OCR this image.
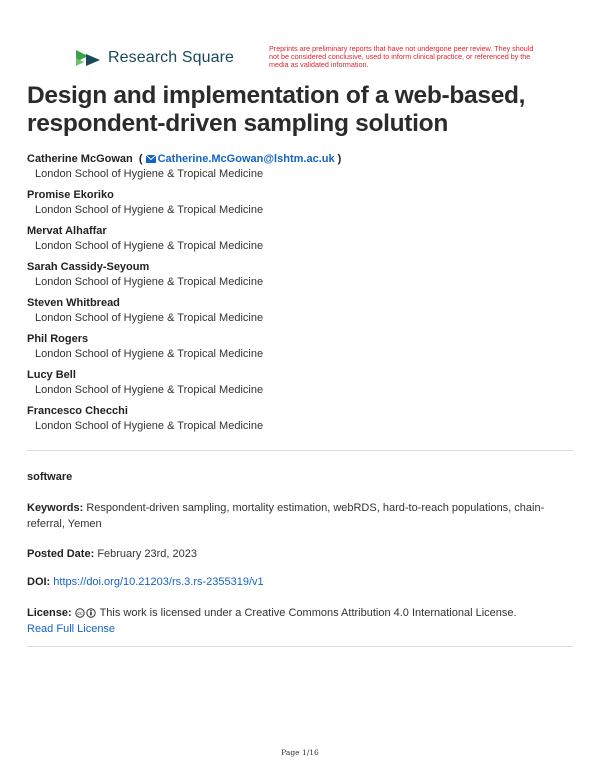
Research Square
Preprints are preliminary reports that have not undergone peer review. They should not be considered conclusive, used to inform clinical practice, or referenced by the media as validated information.
Design and implementation of a web-based, respondent-driven sampling solution
Catherine McGowan  ( Catherine.McGowan@lshtm.ac.uk )
London School of Hygiene & Tropical Medicine
Promise Ekoriko
London School of Hygiene & Tropical Medicine
Mervat Alhaffar
London School of Hygiene & Tropical Medicine
Sarah Cassidy-Seyoum
London School of Hygiene & Tropical Medicine
Steven Whitbread
London School of Hygiene & Tropical Medicine
Phil Rogers
London School of Hygiene & Tropical Medicine
Lucy Bell
London School of Hygiene & Tropical Medicine
Francesco Checchi
London School of Hygiene & Tropical Medicine
software
Keywords: Respondent-driven sampling, mortality estimation, webRDS, hard-to-reach populations, chain-referral, Yemen
Posted Date: February 23rd, 2023
DOI: https://doi.org/10.21203/rs.3.rs-2355319/v1
License: cc This work is licensed under a Creative Commons Attribution 4.0 International License.
Read Full License
Page 1/16
